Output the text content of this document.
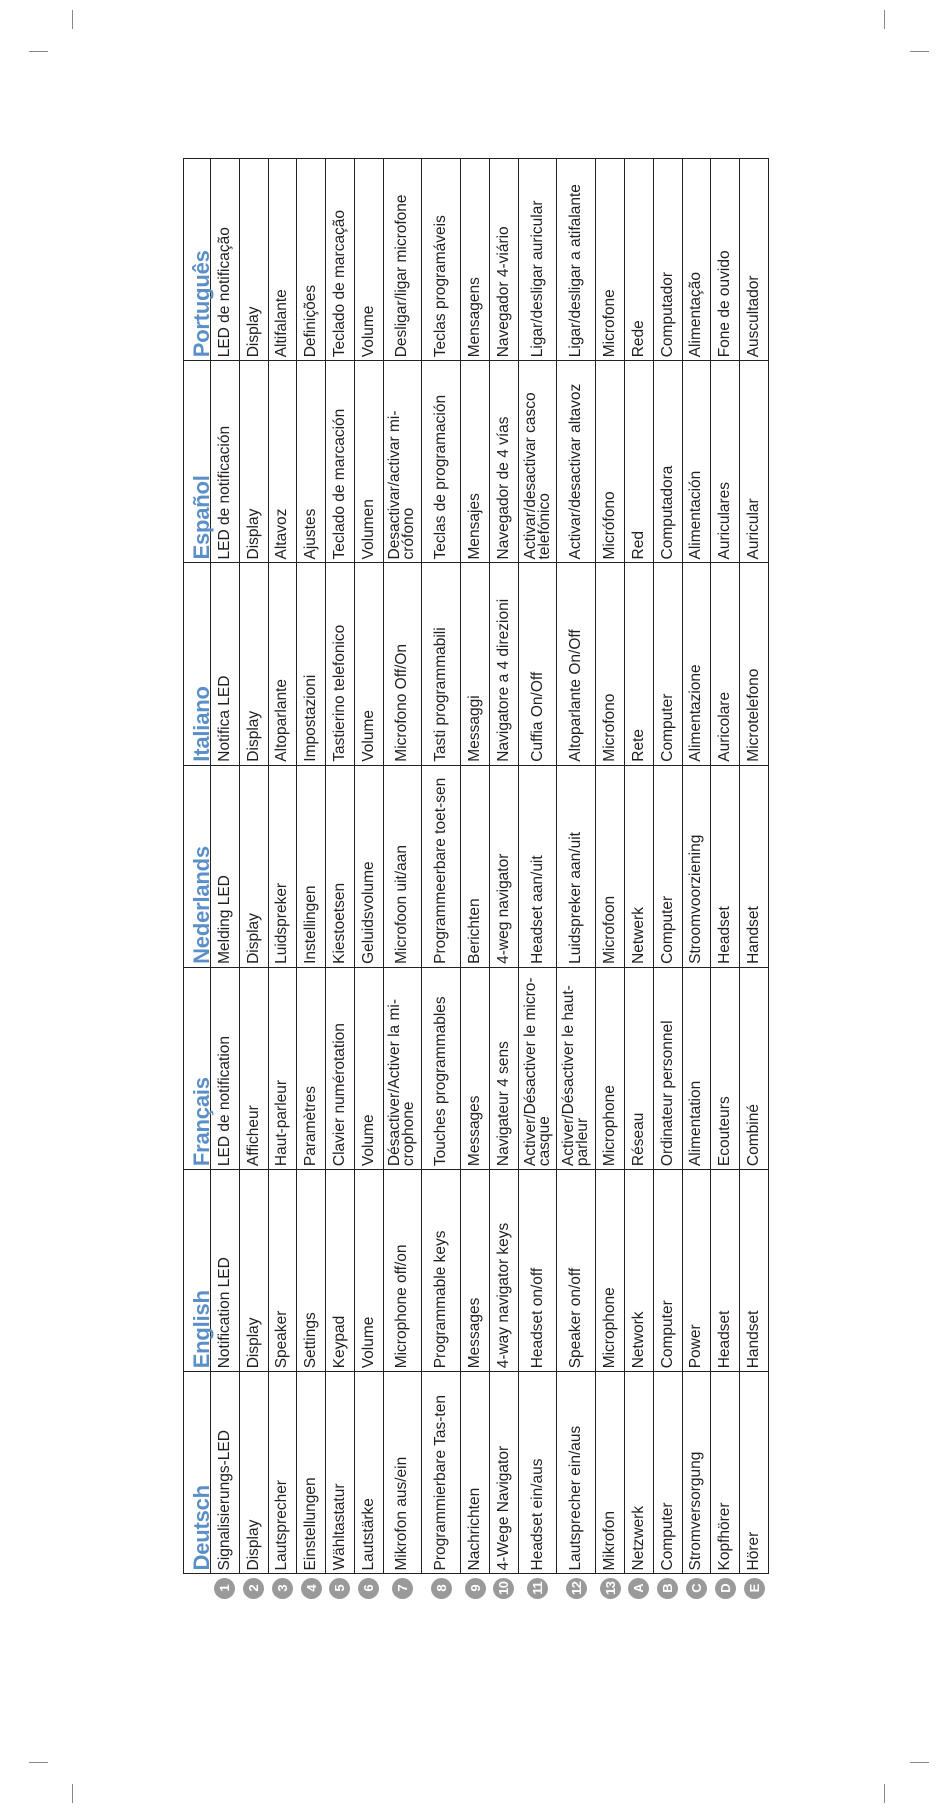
	Deutsch	English	Français	Nederlands	Italiano	Español	Português
1	Signalisierungs-LED	Notification LED	LED de notification	Melding LED	Notifica LED	LED de notificación	LED de notificação
2	Display	Display	Afficheur	Display	Display	Display	Display
3	Lautsprecher	Speaker	Haut-parleur	Luidspreker	Altoparlante	Altavoz	Altifalante
4	Einstellungen	Settings	Paramètres	Instellingen	Impostazioni	Ajustes	Definições
5	Wähltastatur	Keypad	Clavier numérotation	Kiestoetsen	Tastierino telefonico	Teclado de marcación	Teclado de marcação
6	Lautstärke	Volume	Volume	Geluidsvolume	Volume	Volumen	Volume
7	Mikrofon aus/ein	Microphone off/on	Désactiver/Activer la mi-crophone	Microfoon uit/aan	Microfono Off/On	Desactivar/activar mi-crófono	Desligar/ligar microfone
8	Programmierbare Tas-ten	Programmable keys	Touches programmables	Programmeerbare toet-sen	Tasti programmabili	Teclas de programación	Teclas programáveis
9	Nachrichten	Messages	Messages	Berichten	Messaggi	Mensajes	Mensagens
10	4-Wege Navigator	4-way navigator keys	Navigateur 4 sens	4-weg navigator	Navigatore a 4 direzioni	Navegador de 4 vías	Navegador 4-viário
11	Headset ein/aus	Headset on/off	Activer/Désactiver le micro-casque	Headset aan/uit	Cuffia On/Off	Activar/desactivar casco telefónico	Ligar/desligar auricular
12	Lautsprecher ein/aus	Speaker on/off	Activer/Désactiver le haut-parleur	Luidspreker aan/uit	Altoparlante On/Off	Activar/desactivar altavoz	Ligar/desligar a atifalante
13	Mikrofon	Microphone	Microphone	Microfoon	Microfono	Micrófono	Microfone
A	Netzwerk	Network	Réseau	Netwerk	Rete	Red	Rede
B	Computer	Computer	Ordinateur personnel	Computer	Computer	Computadora	Computador
C	Stromversorgung	Power	Alimentation	Stroomvoorziening	Alimentazione	Alimentación	Alimentação
D	Kopfhörer	Headset	Ecouteurs	Headset	Auricolare	Auriculares	Fone de ouvido
E	Hörer	Handset	Combiné	Handset	Microtelefono	Auricular	Auscultador
